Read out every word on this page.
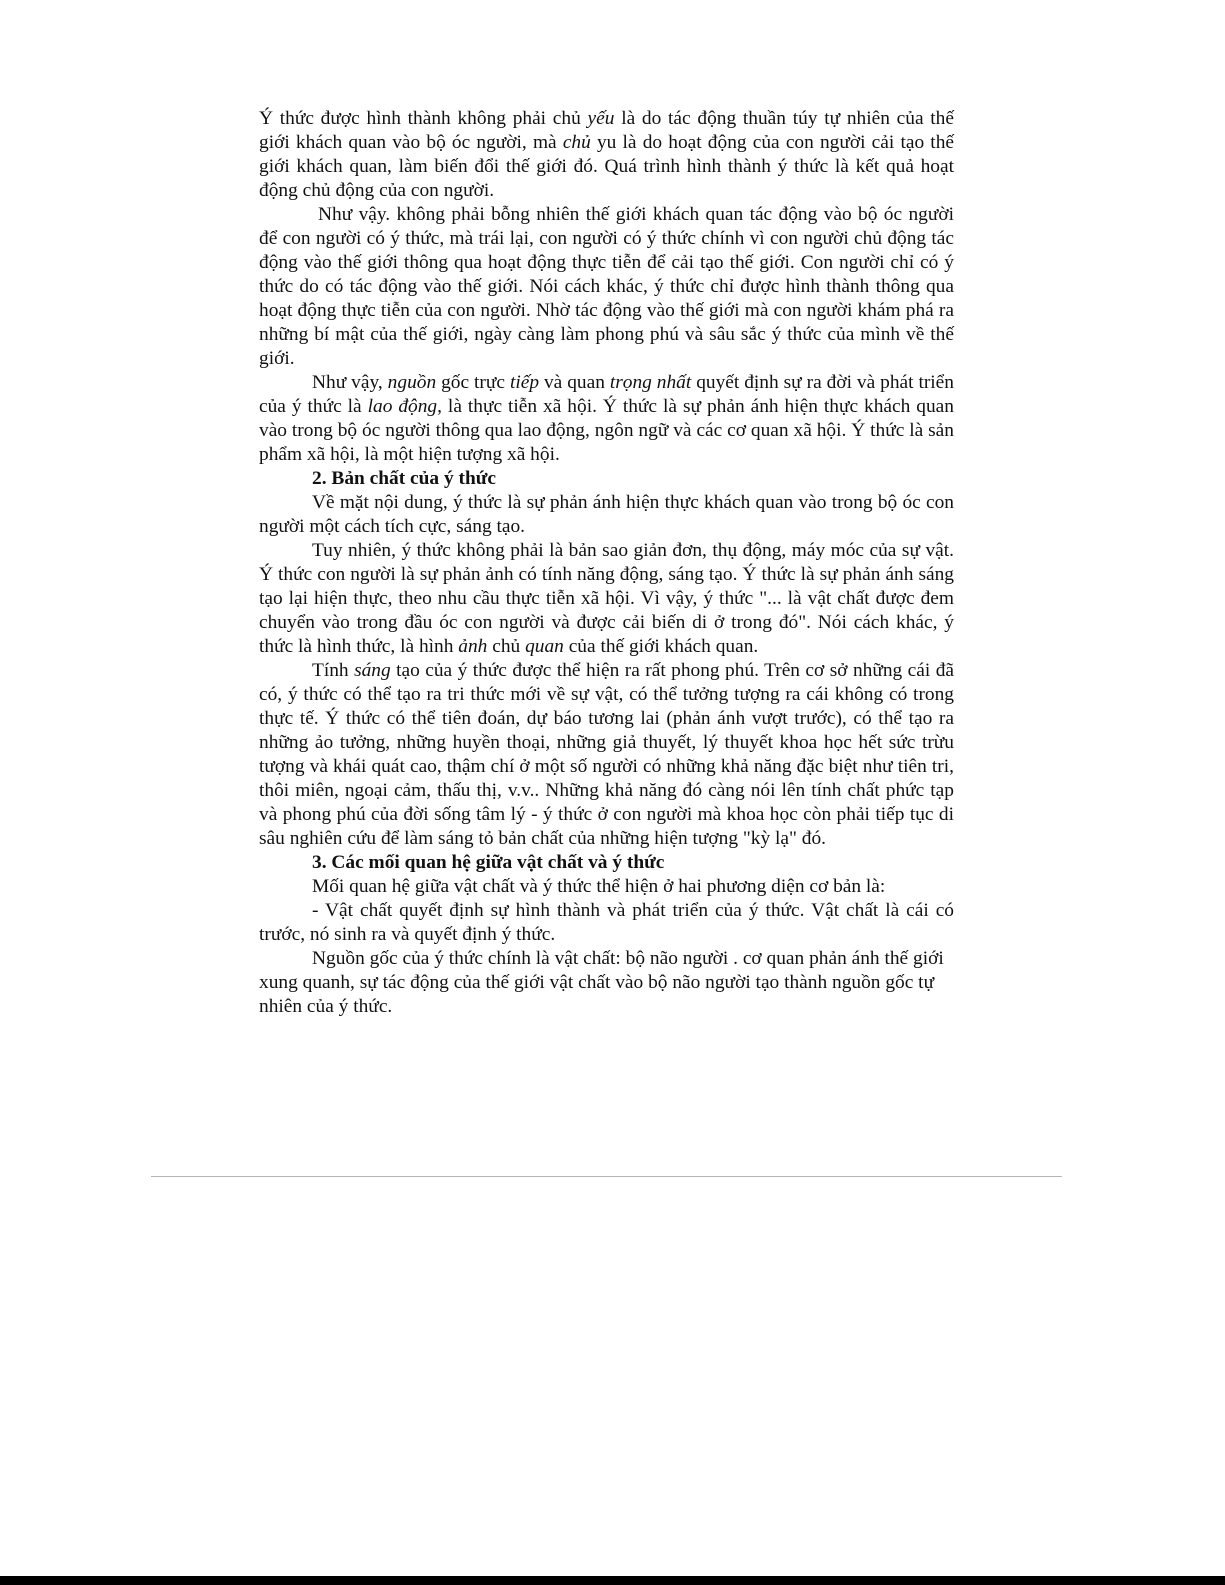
Ý thức được hình thành không phải chủ yếu là do tác động thuần túy tự nhiên của thế giới khách quan vào bộ óc người, mà chủ yu là do hoạt động của con người cải tạo thế giới khách quan, làm biến đổi thế giới đó. Quá trình hình thành ý thức là kết quả hoạt động chủ động của con người.

Như vậy. không phải bỗng nhiên thế giới khách quan tác động vào bộ óc người để con người có ý thức, mà trái lại, con người có ý thức chính vì con người chủ động tác động vào thế giới thông qua hoạt động thực tiễn để cải tạo thế giới. Con người chỉ có ý thức do có tác động vào thế giới. Nói cách khác, ý thức chỉ được hình thành thông qua hoạt động thực tiễn của con người. Nhờ tác động vào thế giới mà con người khám phá ra những bí mật của thế giới, ngày càng làm phong phú và sâu sắc ý thức của mình về thế giới.

Như vậy, nguồn gốc trực tiếp và quan trọng nhất quyết định sự ra đời và phát triển của ý thức là lao động, là thực tiễn xã hội. Ý thức là sự phản ánh hiện thực khách quan vào trong bộ óc người thông qua lao động, ngôn ngữ và các cơ quan xã hội. Ý thức là sản phẩm xã hội, là một hiện tượng xã hội.

2. Bản chất của ý thức

Về mặt nội dung, ý thức là sự phản ánh hiện thực khách quan vào trong bộ óc con người một cách tích cực, sáng tạo.

Tuy nhiên, ý thức không phải là bản sao giản đơn, thụ động, máy móc của sự vật. Ý thức con người là sự phản ảnh có tính năng động, sáng tạo. Ý thức là sự phản ánh sáng tạo lại hiện thực, theo nhu cầu thực tiễn xã hội. Vì vậy, ý thức "... là vật chất được đem chuyển vào trong đầu óc con người và được cải biến di ở trong đó". Nói cách khác, ý thức là hình thức, là hình ảnh chủ quan của thế giới khách quan.

Tính sáng tạo của ý thức được thể hiện ra rất phong phú. Trên cơ sở những cái đã có, ý thức có thể tạo ra tri thức mới về sự vật, có thể tưởng tượng ra cái không có trong thực tế. Ý thức có thể tiên đoán, dự báo tương lai (phản ánh vượt trước), có thể tạo ra những ảo tưởng, những huyền thoại, những giả thuyết, lý thuyết khoa học hết sức trừu tượng và khái quát cao, thậm chí ở một số người có những khả năng đặc biệt như tiên tri, thôi miên, ngoại cảm, thấu thị, v.v.. Những khả năng đó càng nói lên tính chất phức tạp và phong phú của đời sống tâm lý - ý thức ở con người mà khoa học còn phải tiếp tục di sâu nghiên cứu để làm sáng tỏ bản chất của những hiện tượng "kỳ lạ" đó.

3. Các mối quan hệ giữa vật chất và ý thức

Mối quan hệ giữa vật chất và ý thức thể hiện ở hai phương diện cơ bản là:

- Vật chất quyết định sự hình thành và phát triển của ý thức. Vật chất là cái có trước, nó sinh ra và quyết định ý thức.

Nguồn gốc của ý thức chính là vật chất: bộ não người . cơ quan phản ánh thế giới xung quanh, sự tác động của thế giới vật chất vào bộ não người tạo thành nguồn gốc tự nhiên của ý thức.
